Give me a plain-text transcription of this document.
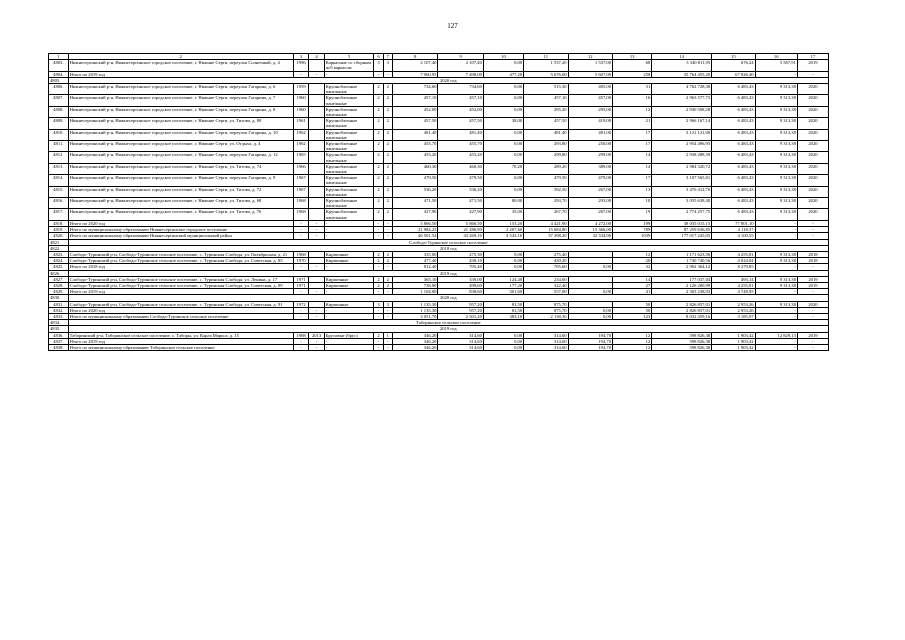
127
1	2	3	4	5	6	7	8	9	10	11	12	13	14	15	16	17
4803.	Нижнесергинский р-н, Нижнесергинское городское поселение, г. Нижние Серги, переулок Солнечный, д. 4	1996		Каркасные со сборным ж/б каркасом	3	3	2 107,40	2 107,40	0,00	1 537,20	1 537,00	68	3 340 811,95	676,24	5 567,91	2019
4804.	Итого по 2019 год	-	-	-	-	-	7 960,95	7 498,00	477,20	5 676,00	5 607,00	258	35 764 455,20	67 826,40	-	-
4805.	2020 год															
4806.	Нижнесергинский р-н, Нижнесергинское городское поселение, г. Нижние Серги, переулок Гагарина, д. 6	1959		Крупноблочные панельные	2	2	734,60	734,60	0,00	515,30	485,00	31	4 762 728,38	6 483,43	9 313,38	2020
4807.	Нижнесергинский р-н, Нижнесергинское городское поселение, г. Нижние Серги, переулок Гагарина, д. 7	1960		Крупноблочные панельные	2	2	457,10	457,10	0,00	457,10	457,00	16	2 963 577,75	6 483,43	9 313,38	2020
4808.	Нижнесергинский р-н, Нижнесергинское городское поселение, г. Нижние Серги, переулок Гагарина, д. 8	1960		Крупноблочные панельные	2	2	452,00	452,00	0,00	295,20	295,00	12	2 930 508,28	6 483,43	9 313,38	2020
4809.	Нижнесергинский р-н, Нижнесергинское городское поселение, г. Нижние Серги, ул. Титова, д. 80	1961		Крупноблочные панельные	2	2	457,50	457,50	38,00	457,50	419,00	21	2 966 167,14	6 483,43	9 313,38	2020
4810.	Нижнесергинский р-н, Нижнесергинское городское поселение, г. Нижние Серги, переулок Гагарина, д. 10	1962		Крупноблочные панельные	2	2	481,40	481,40	0,00	481,40	481,00	17	3 121 121,00	6 483,43	9 313,38	2020
4811.	Нижнесергинский р-н, Нижнесергинское городское поселение, г. Нижние Серги, ул. Отдыха, д. 4	1962		Крупноблочные панельные	2	2	455,70	455,70	0,00	293,80	250,00	17	2 954 496,95	6 483,43	9 313,38	2020
4812.	Нижнесергинский р-н, Нижнесергинское городское поселение, г. Нижние Серги, переулок Гагарина, д. 12	1965		Крупноблочные панельные	2	2	453,20	453,20	0,00	299,80	299,00	14	2 938 288,39	6 483,43	9 313,38	2020
4813.	Нижнесергинский р-н, Нижнесергинское городское поселение, г. Нижние Серги, ул. Титова, д. 74	1966		Крупноблочные панельные	2	2	460,30	460,30	70,20	289,20	389,00	14	2 984 320,72	6 483,43	9 313,38	2020
4814.	Нижнесергинский р-н, Нижнесергинское городское поселение, г. Нижние Серги, переулок Гагарина, д. 9	1967		Крупноблочные панельные	2	2	479,50	479,50	0,00	479,50	479,00	17	3 107 565,81	6 483,43	9 313,38	2020
4815.	Нижнесергинский р-н, Нижнесергинское городское поселение, г. Нижние Серги, ул. Титова, д. 72	1967		Крупноблочные панельные	2	2	536,20	536,20	0,00	392,50	267,00	13	3 476 412,70	6 483,43	9 313,38	2020
4816.	Нижнесергинский р-н, Нижнесергинское городское поселение, г. Нижние Серги, ул. Титова, д. 68	1968		Крупноблочные панельные	2	2	471,50	471,50	80,00	293,70	293,00	18	3 055 638,40	6 483,43	9 313,38	2020
4817.	Нижнесергинский р-н, Нижнесергинское городское поселение, г. Нижние Серги, ул. Титова, д. 76	1968		Крупноблочные панельные	2	2	427,90	427,90	35,00	267,70	267,00	19	2 774 257,75	6 483,43	9 313,38	2020
4818.	Итого по 2020 год	-	-	-	-	-	5 866,50	5 866,50	153,20	4 421,90	4 272,00	199	38 035 015,15	77 801,10	-	-
4819.	Итого по муниципальному образованию Нижнесергинское городское поселение	-	-	-	-	-	21 984,25	21 286,90	2 207,60	15 684,80	15 366,00	789	87 259 636,85	4 118,57	-	-
4820.	Итого по муниципальному образованию Нижнесергинский муниципальный район	-	-	-	-	-	46 501,54	43 269,10	4 543,10	37 298,20	32 534,90	1039	177 017 245,05	4 100,55	-	-
4821.	Слободо-Туринское сельское поселение															
4822.	2018 год															
4823.	Слободо-Туринский р-н, Слободо-Туринское сельское поселение, с. Туринская Слобода, ул. Октябрьская, д. 21	1968		Кирпичные	2	2	335,00	275,30	9,00	275,40		12	1 171 623,56	4 255,81	9 313,38	2018
4824.	Слободо-Туринский р-н, Слободо-Туринское сельское поселение, с. Туринская Слобода, ул. Советская, д. 85	1970		Кирпичные	2	2	477,40	430,10	0,00	430,20		20	1 730 740,56	4 024,04	9 313,38	2018
4825.	Итого по 2018 год	-	-	-	-	-	812,40	705,40	0,00	705,60	0,00	32	2 902 364,12	8 279,85	-	-
4826.	2019 год															
4827.	Слободо-Туринский р-н, Слободо-Туринское сельское поселение, с. Туринская Слобода, ул. Ленина, д. 17	1971		Кирпичные	2	2	365,10	339,00	124,40	234,60		14	177 037,04	493,14	9 313,38	2019
4828.	Слободо-Туринский р-н, Слободо-Туринское сельское поселение, с. Туринская Слобода, ул. Советская, д. 89	1971		Кирпичные	2	2	738,90	499,60	177,20	322,40		27	2 126 200,99	4 255,81	9 313,38	2019
4829.	Итого по 2019 год	-	-	-	-	-	1 104,00	838,60	301,60	557,00	0,00	41	2 303 238,03	4 748,95	-	-
4830.	2020 год															
4831.	Слободо-Туринский р-н, Слободо-Туринское сельское поселение, с. Туринская Слобода, ул. Советская, д. 91	1972		Кирпичные	3	3	1 135,30	957,20	81,50	875,70		50	2 826 857,01	2 953,26	9 313,38	2020
4832.	Итого по 2020 год	-	-	-	-	-	1 135,30	957,20	81,50	875,70	0,00	50	2 826 857,01	2 953,26	-	-
4833.	Итого по муниципальному образованию Слободо-Туринское сельское поселение	-	-	-	-	-	3 051,70	2 501,20	383,10	2 138,30	0,00	123	8 032 459,16	3 185,97	-	-
4834.	Таборинское сельское поселение															
4835.	2019 год															
4836.	Таборинский р-н, Таборинское сельское поселение, с. Таборы, ул. Карла Маркса, д. 15	1988	2013	Брусовые (брус)	2	1	346,20	314,60	0,00	314,60	194,70	12	598 826,38	1 903,42	12 829,13	2019
4837.	Итого по 2019 год	-	-	-	-	-	346,20	314,60	0,00	314,60	194,70	12	598 826,38	1 903,42	-	-
4838.	Итого по муниципальному образованию Таборинское сельское поселение	-	-	-	-	-	346,20	314,60	0,00	314,60	194,70	12	598 826,38	1 903,42	-	-
